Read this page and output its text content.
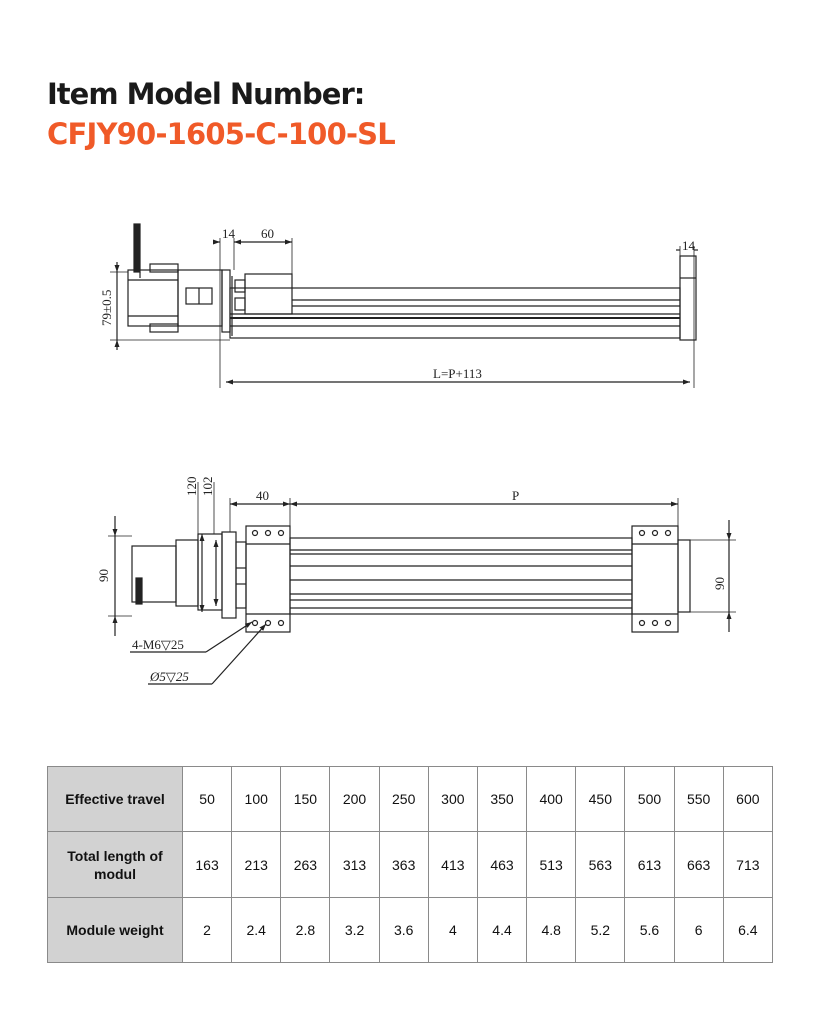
Item Model Number:
CFJY90-1605-C-100-SL
14 60
14
L=P+113
79±0.5
120 102	40	P
90
90
4-M6▽25
Ø5▽25
Effective travel	50	100	150	200	250	300	350	400	450	500	550	600
Total length of modul	163	213	263	313	363	413	463	513	563	613	663	713
Module weight	2	2.4	2.8	3.2	3.6	4	4.4	4.8	5.2	5.6	6	6.4
